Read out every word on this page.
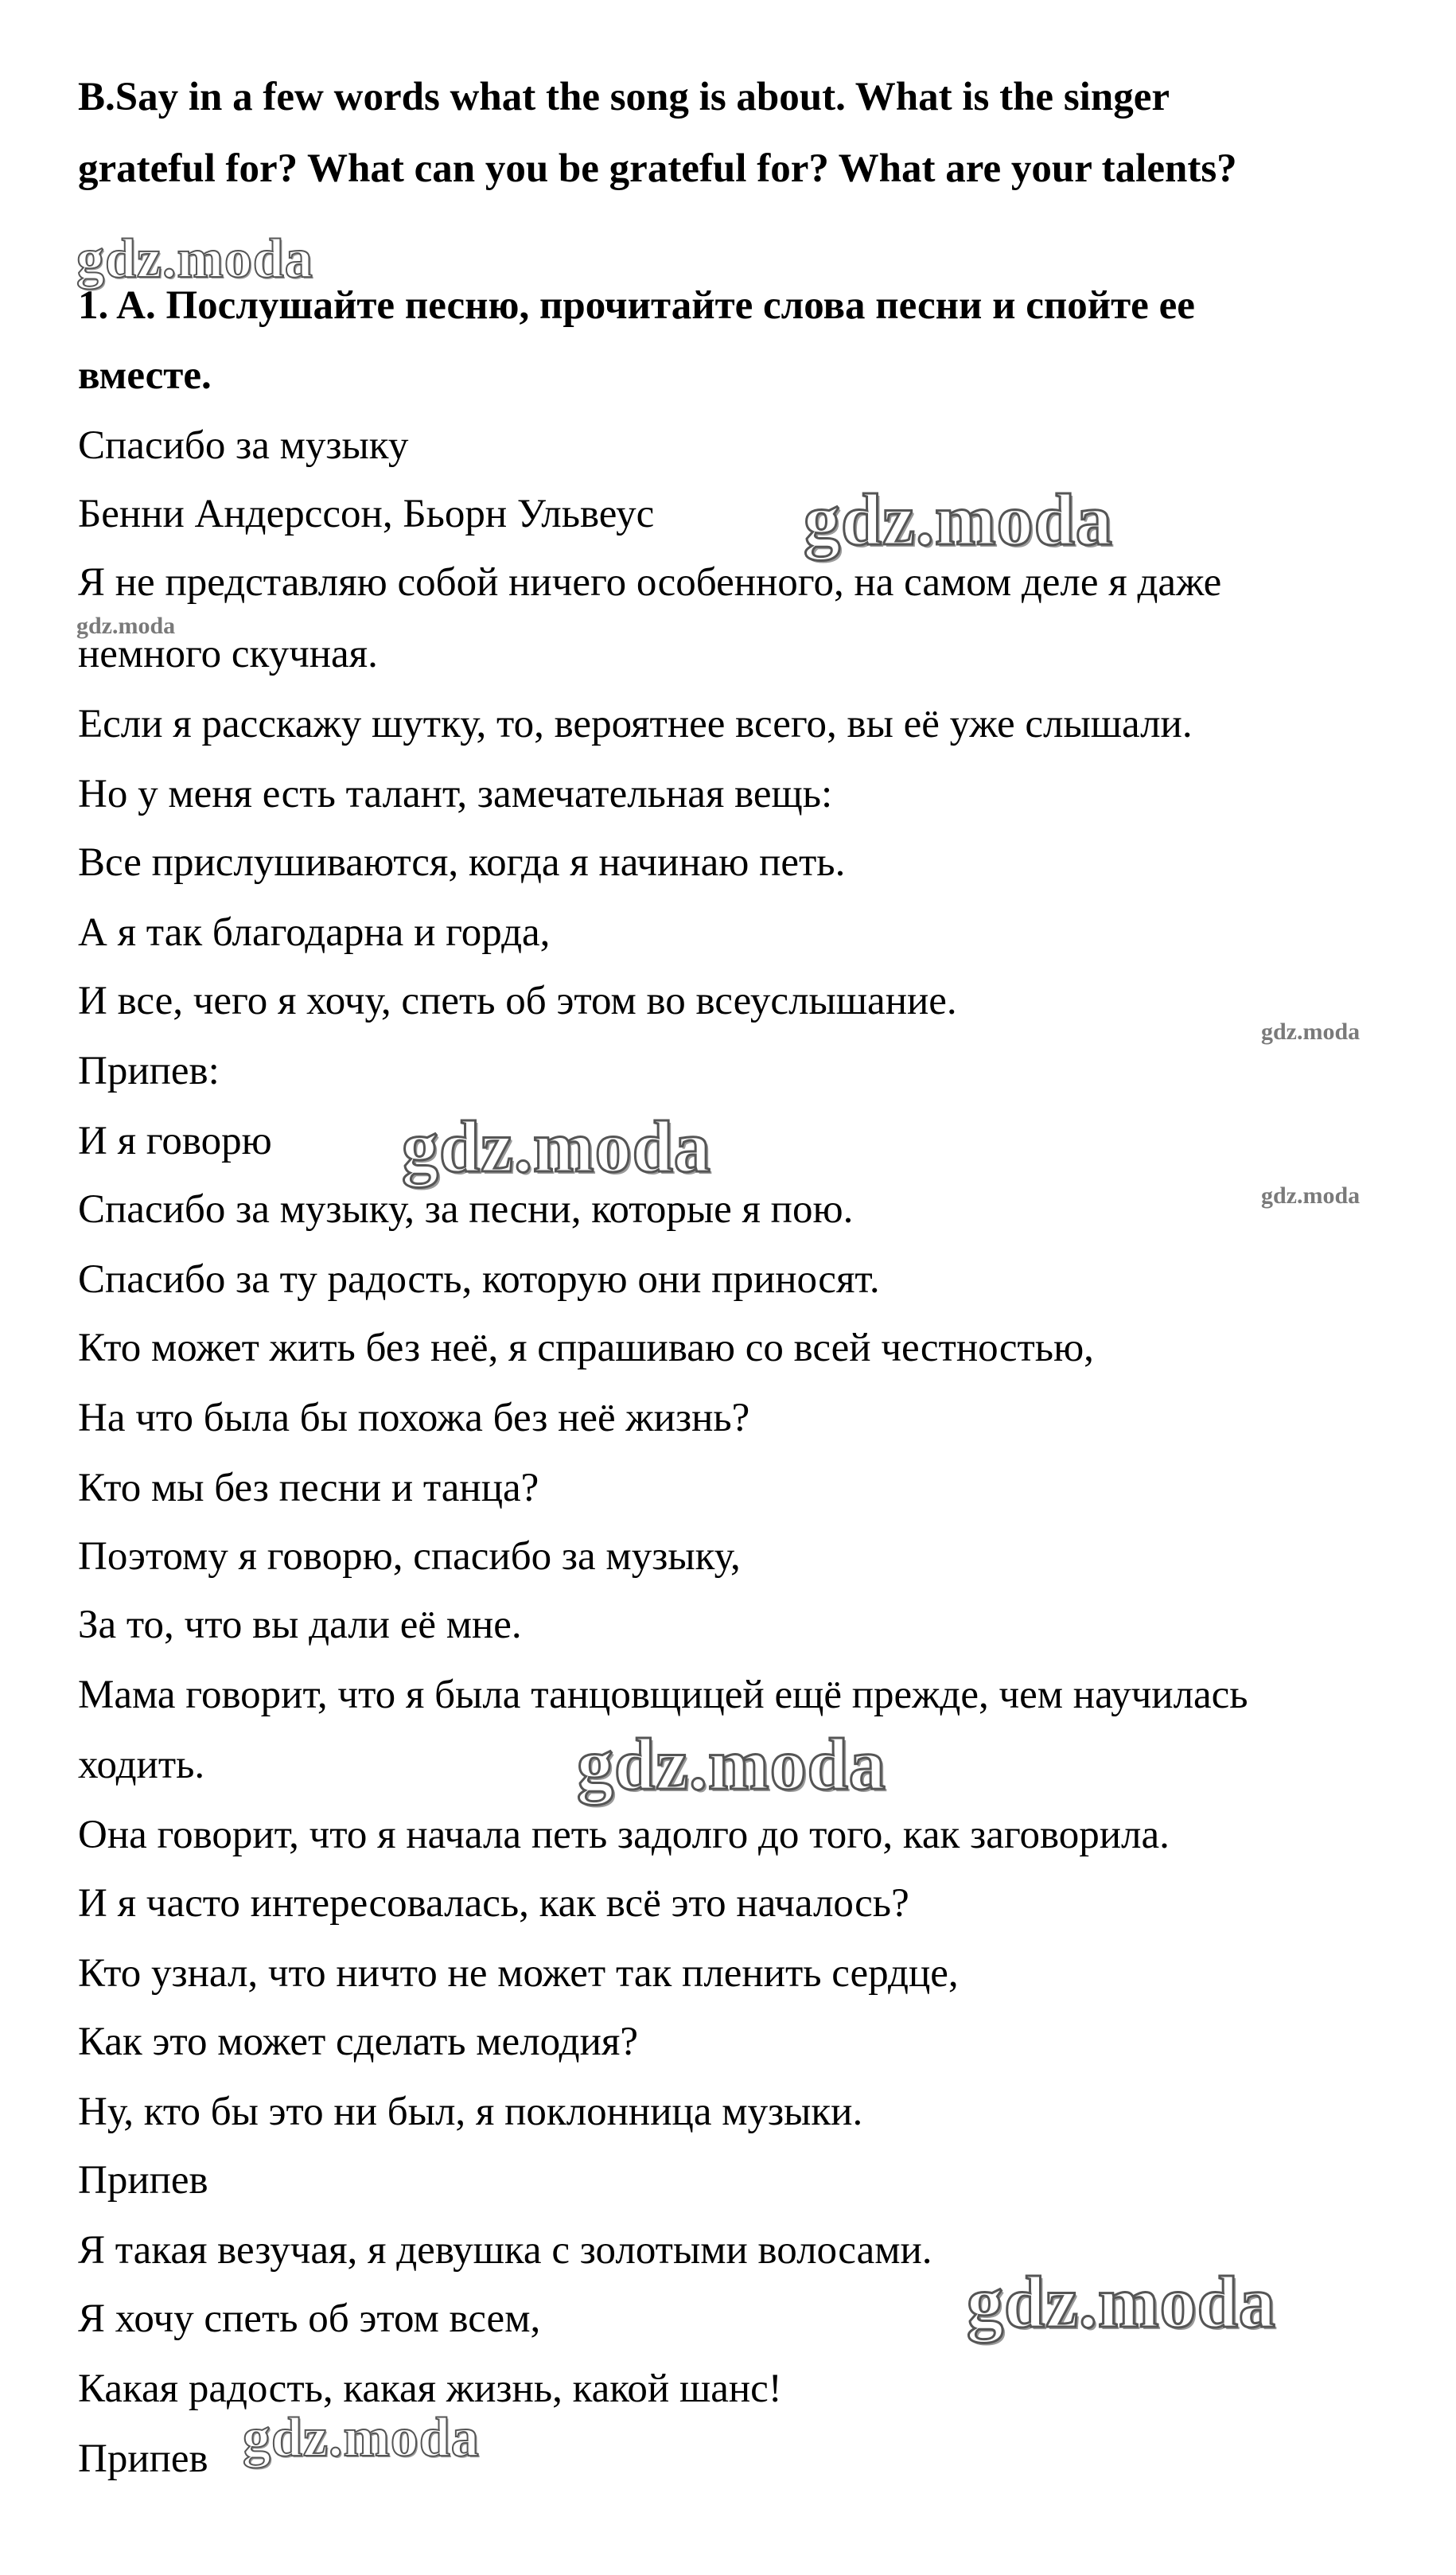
B.Say in a few words what the song is about. What is the singer

grateful for? What can you be grateful for? What are your talents?

1. A. Послушайте песню, прочитайте слова песни и спойте ее

вместе.

Спасибо за музыку

Бенни Андерссон, Бьорн Ульвеус

Я не представляю собой ничего особенного, на самом деле я даже

немного скучная.

Если я расскажу шутку, то, вероятнее всего, вы её уже слышали.

Но у меня есть талант, замечательная вещь:

Все прислушиваются, когда я начинаю петь.

А я так благодарна и горда,

И все, чего я хочу, спеть об этом во всеуслышание.

Припев:

И я говорю

Спасибо за музыку, за песни, которые я пою.

Спасибо за ту радость, которую они приносят.

Кто может жить без неё, я спрашиваю со всей честностью,

На что была бы похожа без неё жизнь?

Кто мы без песни и танца?

Поэтому я говорю, спасибо за музыку,

За то, что вы дали её мне.

Мама говорит, что я была танцовщицей ещё прежде, чем научилась

ходить.

Она говорит, что я начала петь задолго до того, как заговорила.

И я часто интересовалась, как всё это началось?

Кто узнал, что ничто не может так пленить сердце,

Как это может сделать мелодия?

Ну, кто бы это ни был, я поклонница музыки.

Припев

Я такая везучая, я девушка с золотыми волосами.

Я хочу спеть об этом всем,

Какая радость, какая жизнь, какой шанс!

Припев

gdz.moda
gdz.moda
gdz.moda
gdz.moda
gdz.moda
gdz.moda
gdz.moda
gdz.moda
gdz.moda
